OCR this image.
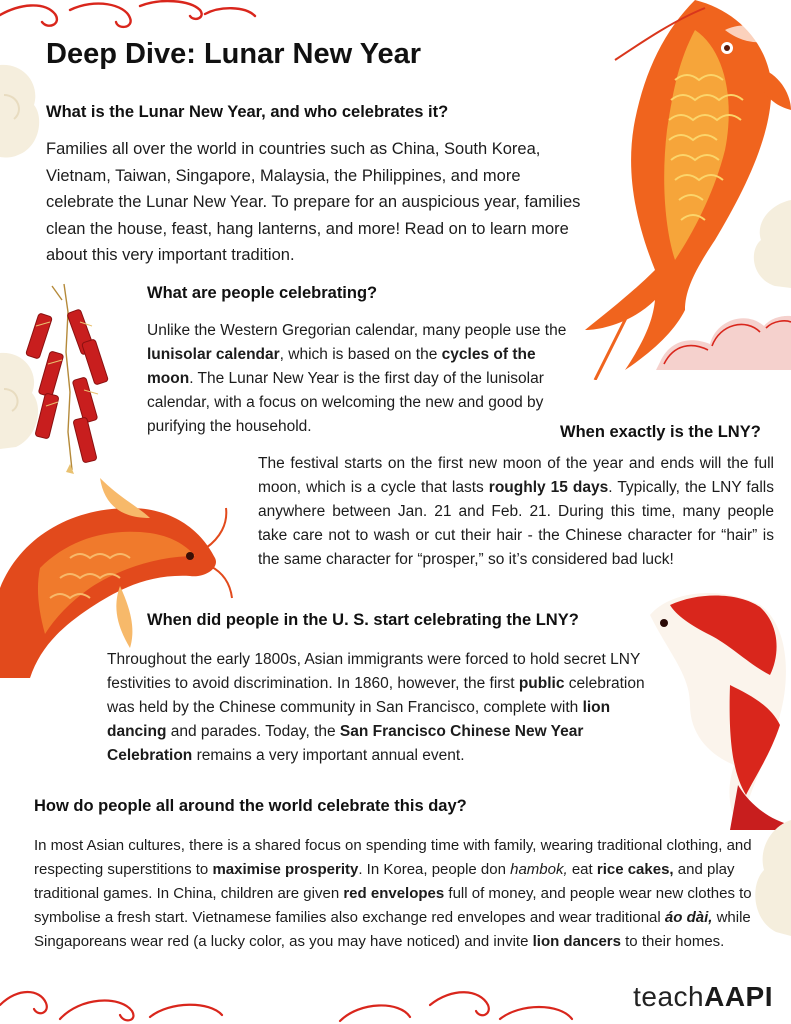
Deep Dive: Lunar New Year
What is the Lunar New Year, and who celebrates it?

Families all over the world in countries such as China, South Korea, Vietnam, Taiwan, Singapore, Malaysia, the Philippines, and more celebrate the Lunar New Year. To prepare for an auspicious year, families clean the house, feast, hang lanterns, and more! Read on to learn more about this very important tradition.

What are people celebrating?

Unlike the Western Gregorian calendar, many people use the lunisolar calendar, which is based on the cycles of the moon. The Lunar New Year is the first day of the lunisolar calendar, with a focus on welcoming the new and good by purifying the household.	When exactly is the LNY?

The festival starts on the first new moon of the year and ends will the full moon, which is a cycle that lasts roughly 15 days. Typically, the LNY falls anywhere between Jan. 21 and Feb. 21. During this time, many people take care not to wash or cut their hair - the Chinese character for “hair” is the same character for “prosper,” so it’s considered bad luck!

When did people in the U. S. start celebrating the LNY?

Throughout the early 1800s, Asian immigrants were forced to hold secret LNY festivities to avoid discrimination. In 1860, however, the first public celebration was held by the Chinese community in San Francisco, complete with lion dancing and parades. Today, the San Francisco Chinese New Year Celebration remains a very important annual event.

How do people all around the world celebrate this day?

In most Asian cultures, there is a shared focus on spending time with family, wearing traditional clothing, and respecting superstitions to maximise prosperity. In Korea, people don hambok, eat rice cakes, and play traditional games. In China, children are given red envelopes full of money, and people wear new clothes to symbolise a fresh start. Vietnamese families also exchange red envelopes and wear traditional áo dài, while Singaporeans wear red (a lucky color, as you may have noticed) and invite lion dancers to their homes.

teachAAPI
